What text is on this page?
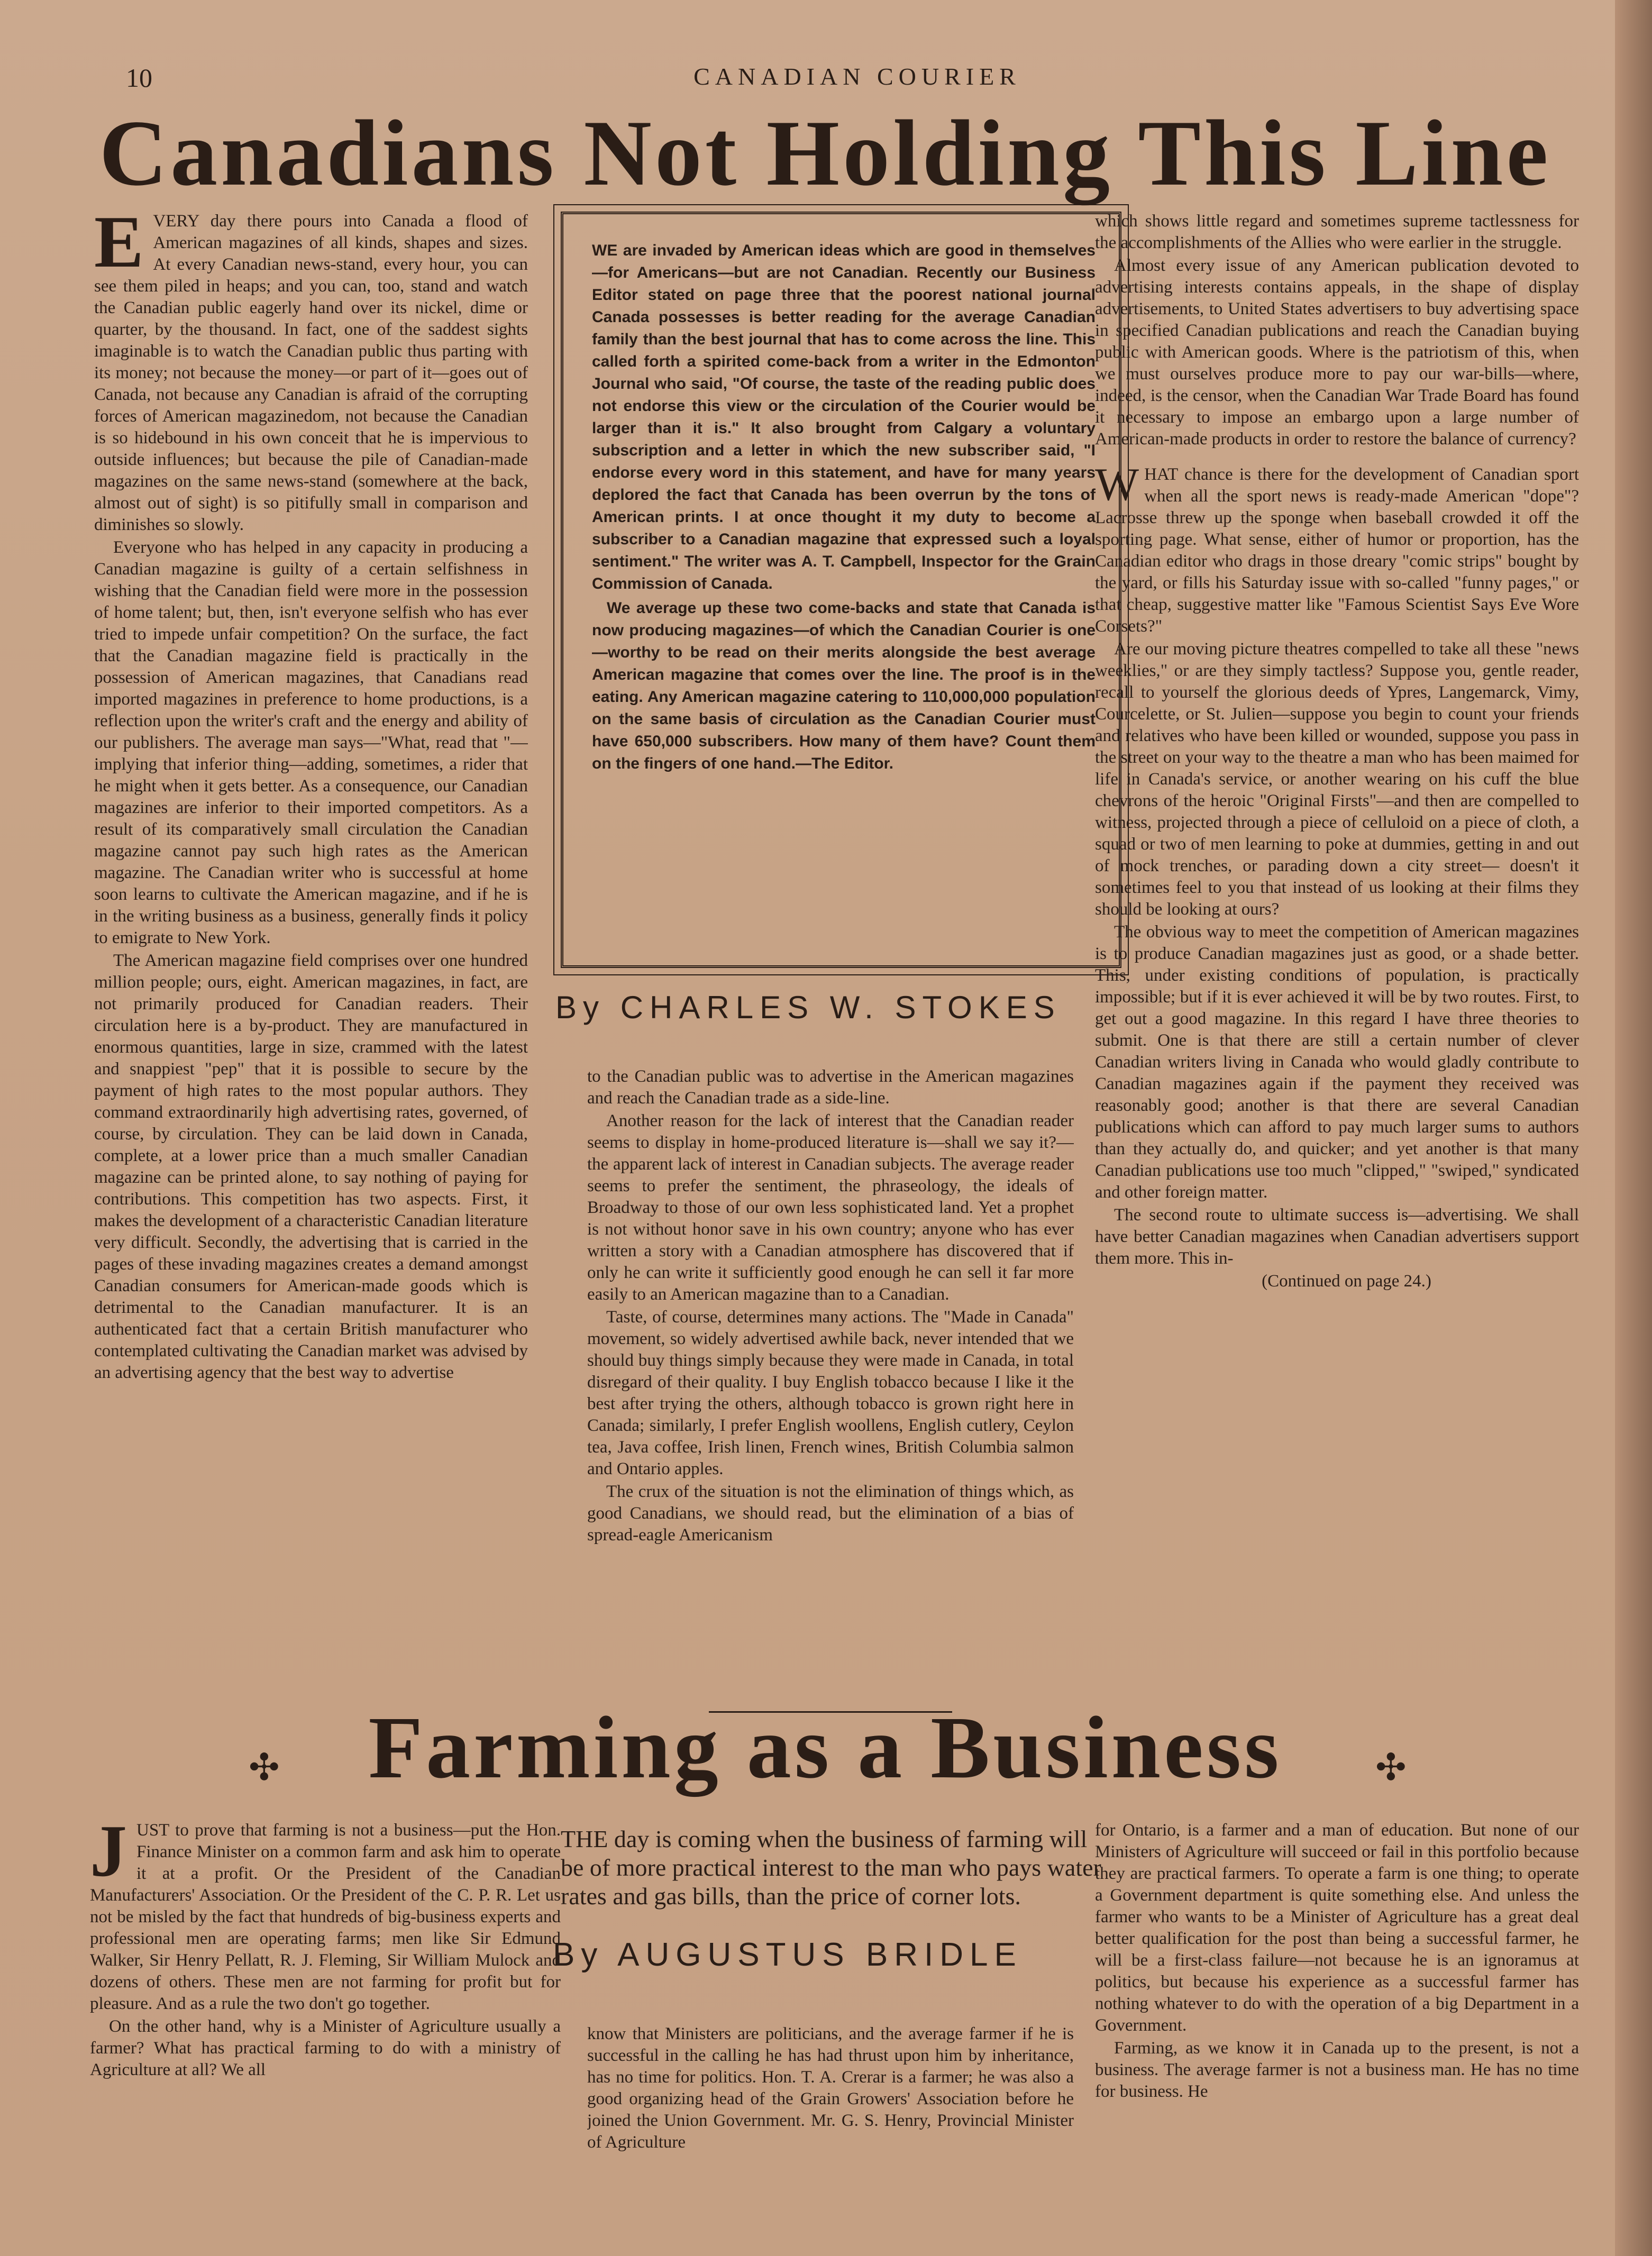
10	CANADIAN COURIER
Canadians Not Holding This Line
E VERY day there pours into Canada a flood of American magazines of all kinds, shapes and sizes. At every Canadian news-stand, every hour, you can see them piled in heaps; and you can, too, stand and watch the Canadian public eagerly hand over its nickel, dime or quarter, by the thousand. In fact, one of the saddest sights imaginable is to watch the Canadian public thus parting with its money; not because the money—or part of it—goes out of Canada, not because any Canadian is afraid of the corrupting forces of American magazinedom, not because the Canadian is so hidebound in his own conceit that he is impervious to outside influences; but because the pile of Canadian-made magazines on the same news-stand (somewhere at the back, almost out of sight) is so pitifully small in comparison and diminishes so slowly.

Everyone who has helped in any capacity in producing a Canadian magazine is guilty of a certain selfishness in wishing that the Canadian field were more in the possession of home talent; but, then, isn't everyone selfish who has ever tried to impede unfair competition? On the surface, the fact that the Canadian magazine field is practically in the possession of American magazines, that Canadians read imported magazines in preference to home productions, is a reflection upon the writer's craft and the energy and ability of our publishers. The average man says—"What, read that "—implying that inferior thing—adding, sometimes, a rider that he might when it gets better. As a consequence, our Canadian magazines are inferior to their imported competitors. As a result of its comparatively small circulation the Canadian magazine cannot pay such high rates as the American magazine. The Canadian writer who is successful at home soon learns to cultivate the American magazine, and if he is in the writing business as a business, generally finds it policy to emigrate to New York.

The American magazine field comprises over one hundred million people; ours, eight. American magazines, in fact, are not primarily produced for Canadian readers. Their circulation here is a by-product. They are manufactured in enormous quantities, large in size, crammed with the latest and snappiest "pep" that it is possible to secure by the payment of high rates to the most popular authors. They command extraordinarily high advertising rates, governed, of course, by circulation. They can be laid down in Canada, complete, at a lower price than a much smaller Canadian magazine can be printed alone, to say nothing of paying for contributions. This competition has two aspects. First, it makes the development of a characteristic Canadian literature very difficult. Secondly, the advertising that is carried in the pages of these invading magazines creates a demand amongst Canadian consumers for American-made goods which is detrimental to the Canadian manufacturer. It is an authenticated fact that a certain British manufacturer who contemplated cultivating the Canadian market was advised by an advertising agency that the best way to advertise

WE are invaded by American ideas which are good in themselves—for Americans—but are not Canadian. Recently our Business Editor stated on page three that the poorest national journal Canada possesses is better reading for the average Canadian family than the best journal that has to come across the line. This called forth a spirited come-back from a writer in the Edmonton Journal who said, "Of course, the taste of the reading public does not endorse this view or the circulation of the Courier would be larger than it is." It also brought from Calgary a voluntary subscription and a letter in which the new subscriber said, "I endorse every word in this statement, and have for many years deplored the fact that Canada has been overrun by the tons of American prints. I at once thought it my duty to become a subscriber to a Canadian magazine that expressed such a loyal sentiment." The writer was A. T. Campbell, Inspector for the Grain Commission of Canada.

We average up these two come-backs and state that Canada is now producing magazines—of which the Canadian Courier is one—worthy to be read on their merits alongside the best average American magazine that comes over the line. The proof is in the eating. Any American magazine catering to 110,000,000 population on the same basis of circulation as the Canadian Courier must have 650,000 subscribers. How many of them have? Count them on the fingers of one hand.—The Editor.

By CHARLES W. STOKES

to the Canadian public was to advertise in the American magazines and reach the Canadian trade as a side-line.

Another reason for the lack of interest that the Canadian reader seems to display in home-produced literature is—shall we say it?—the apparent lack of interest in Canadian subjects. The average reader seems to prefer the sentiment, the phraseology, the ideals of Broadway to those of our own less sophisticated land. Yet a prophet is not without honor save in his own country; anyone who has ever written a story with a Canadian atmosphere has discovered that if only he can write it sufficiently good enough he can sell it far more easily to an American magazine than to a Canadian.

Taste, of course, determines many actions. The "Made in Canada" movement, so widely advertised awhile back, never intended that we should buy things simply because they were made in Canada, in total disregard of their quality. I buy English tobacco because I like it the best after trying the others, although tobacco is grown right here in Canada; similarly, I prefer English woollens, English cutlery, Ceylon tea, Java coffee, Irish linen, French wines, British Columbia salmon and Ontario apples.

The crux of the situation is not the elimination of things which, as good Canadians, we should read, but the elimination of a bias of spread-eagle Americanism

which shows little regard and sometimes supreme tactlessness for the accomplishments of the Allies who were earlier in the struggle.

Almost every issue of any American publication devoted to advertising interests contains appeals, in the shape of display advertisements, to United States advertisers to buy advertising space in specified Canadian publications and reach the Canadian buying public with American goods. Where is the patriotism of this, when we must ourselves produce more to pay our war-bills—where, indeed, is the censor, when the Canadian War Trade Board has found it necessary to impose an embargo upon a large number of American-made products in order to restore the balance of currency?

W HAT chance is there for the development of Canadian sport when all the sport news is ready-made American "dope"? Lacrosse threw up the sponge when baseball crowded it off the sporting page. What sense, either of humor or proportion, has the Canadian editor who drags in those dreary "comic strips" bought by the yard, or fills his Saturday issue with so-called "funny pages," or that cheap, suggestive matter like "Famous Scientist Says Eve Wore Corsets?"

Are our moving picture theatres compelled to take all these "news weeklies," or are they simply tactless? Suppose you, gentle reader, recall to yourself the glorious deeds of Ypres, Langemarck, Vimy, Courcelette, or St. Julien—suppose you begin to count your friends and relatives who have been killed or wounded, suppose you pass in the street on your way to the theatre a man who has been maimed for life in Canada's service, or another wearing on his cuff the blue chevrons of the heroic "Original Firsts"—and then are compelled to witness, projected through a piece of celluloid on a piece of cloth, a squad or two of men learning to poke at dummies, getting in and out of mock trenches, or parading down a city street— doesn't it sometimes feel to you that instead of us looking at their films they should be looking at ours?

The obvious way to meet the competition of American magazines is to produce Canadian magazines just as good, or a shade better. This, under existing conditions of population, is practically impossible; but if it is ever achieved it will be by two routes. First, to get out a good magazine. In this regard I have three theories to submit. One is that there are still a certain number of clever Canadian writers living in Canada who would gladly contribute to Canadian magazines again if the payment they received was reasonably good; another is that there are several Canadian publications which can afford to pay much larger sums to authors than they actually do, and quicker; and yet another is that many Canadian publications use too much "clipped," "swiped," syndicated and other foreign matter.

The second route to ultimate success is—advertising. We shall have better Canadian magazines when Canadian advertisers support them more. This in-

(Continued on page 24.)

✣ Farming as a Business	✣
J UST to prove that farming is not a business—put the Hon. Finance Minister on a common farm and ask him to operate it at a profit. Or the President of the Canadian Manufacturers' Association. Or the President of the C. P. R. Let us not be misled by the fact that hundreds of big-business experts and professional men are operating farms; men like Sir Edmund Walker, Sir Henry Pellatt, R. J. Fleming, Sir William Mulock and dozens of others. These men are not farming for profit but for pleasure. And as a rule the two don't go together.

On the other hand, why is a Minister of Agriculture usually a farmer? What has practical farming to do with a ministry of Agriculture at all? We all

THE day is coming when the business of farming will be of more practical interest to the man who pays water rates and gas bills, than the price of corner lots.
By AUGUSTUS BRIDLE

know that Ministers are politicians, and the average farmer if he is successful in the calling he has had thrust upon him by inheritance, has no time for politics. Hon. T. A. Crerar is a farmer; he was also a good organizing head of the Grain Growers' Association before he joined the Union Government. Mr. G. S. Henry, Provincial Minister of Agriculture

for Ontario, is a farmer and a man of education. But none of our Ministers of Agriculture will succeed or fail in this portfolio because they are practical farmers. To operate a farm is one thing; to operate a Government department is quite something else. And unless the farmer who wants to be a Minister of Agriculture has a great deal better qualification for the post than being a successful farmer, he will be a first-class failure—not because he is an ignoramus at politics, but because his experience as a successful farmer has nothing whatever to do with the operation of a big Department in a Government.

Farming, as we know it in Canada up to the present, is not a business. The average farmer is not a business man. He has no time for business. He
